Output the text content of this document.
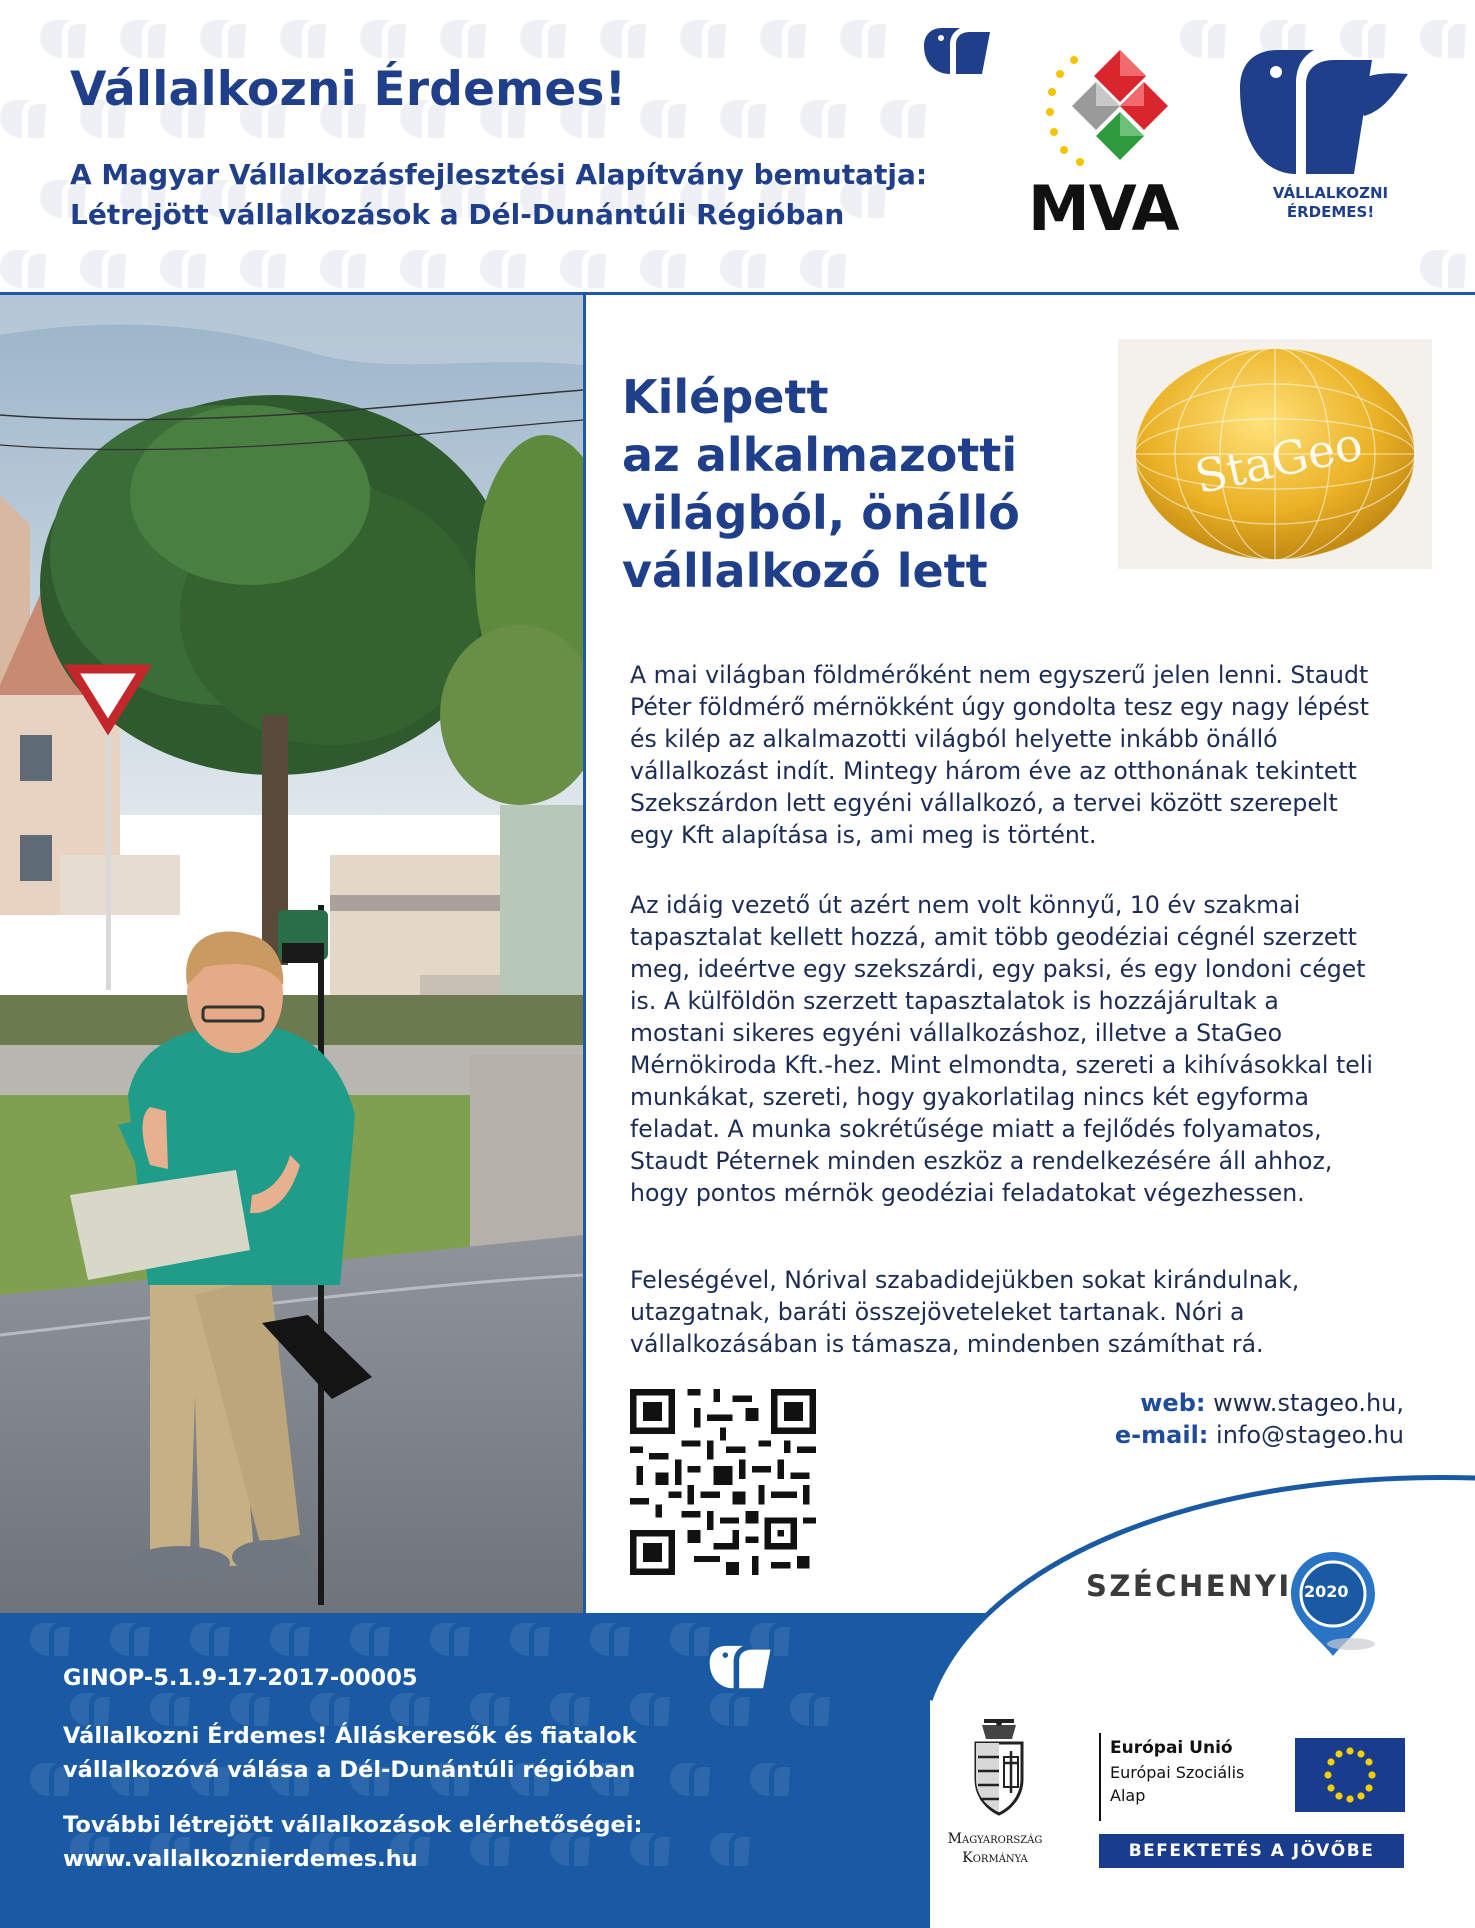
Vállalkozni Érdemes!
A Magyar Vállalkozásfejlesztési Alapítvány bemutatja:
Létrejött vállalkozások a Dél-Dunántúli Régióban	MVA	VÁLLALKOZNI
ÉRDEMES!
Kilépett
az alkalmazotti
világból, önálló
vállalkozó lett
StaGeo
A mai világban földmérőként nem egyszerű jelen lenni. Staudt
Péter földmérő mérnökként úgy gondolta tesz egy nagy lépést
és kilép az alkalmazotti világból helyette inkább önálló
vállalkozást indít. Mintegy három éve az otthonának tekintett
Szekszárdon lett egyéni vállalkozó, a tervei között szerepelt
egy Kft alapítása is, ami meg is történt.
Az idáig vezető út azért nem volt könnyű, 10 év szakmai
tapasztalat kellett hozzá, amit több geodéziai cégnél szerzett
meg, ideértve egy szekszárdi, egy paksi, és egy londoni céget
is. A külföldön szerzett tapasztalatok is hozzájárultak a
mostani sikeres egyéni vállalkozáshoz, illetve a StaGeo
Mérnökiroda Kft.-hez. Mint elmondta, szereti a kihívásokkal teli
munkákat, szereti, hogy gyakorlatilag nincs két egyforma
feladat. A munka sokrétűsége miatt a fejlődés folyamatos,
Staudt Péternek minden eszköz a rendelkezésére áll ahhoz,
hogy pontos mérnök geodéziai feladatokat végezhessen.
Feleségével, Nórival szabadidejükben sokat kirándulnak,
utazgatnak, baráti összejöveteleket tartanak. Nóri a
vállalkozásában is támasza, mindenben számíthat rá.
web: www.stageo.hu,
e-mail: info@stageo.hu
GINOP-5.1.9-17-2017-00005
Vállalkozni Érdemes! Álláskeresők és fiatalok
vállalkozóvá válása a Dél-Dunántúli régióban
További létrejött vállalkozások elérhetőségei:
www.vallalkoznierdemes.hu
SZÉCHENYI 2020
Magyarország
Kormánya
Európai Unió
Európai Szociális
Alap
BEFEKTETÉS A JÖVŐBE
